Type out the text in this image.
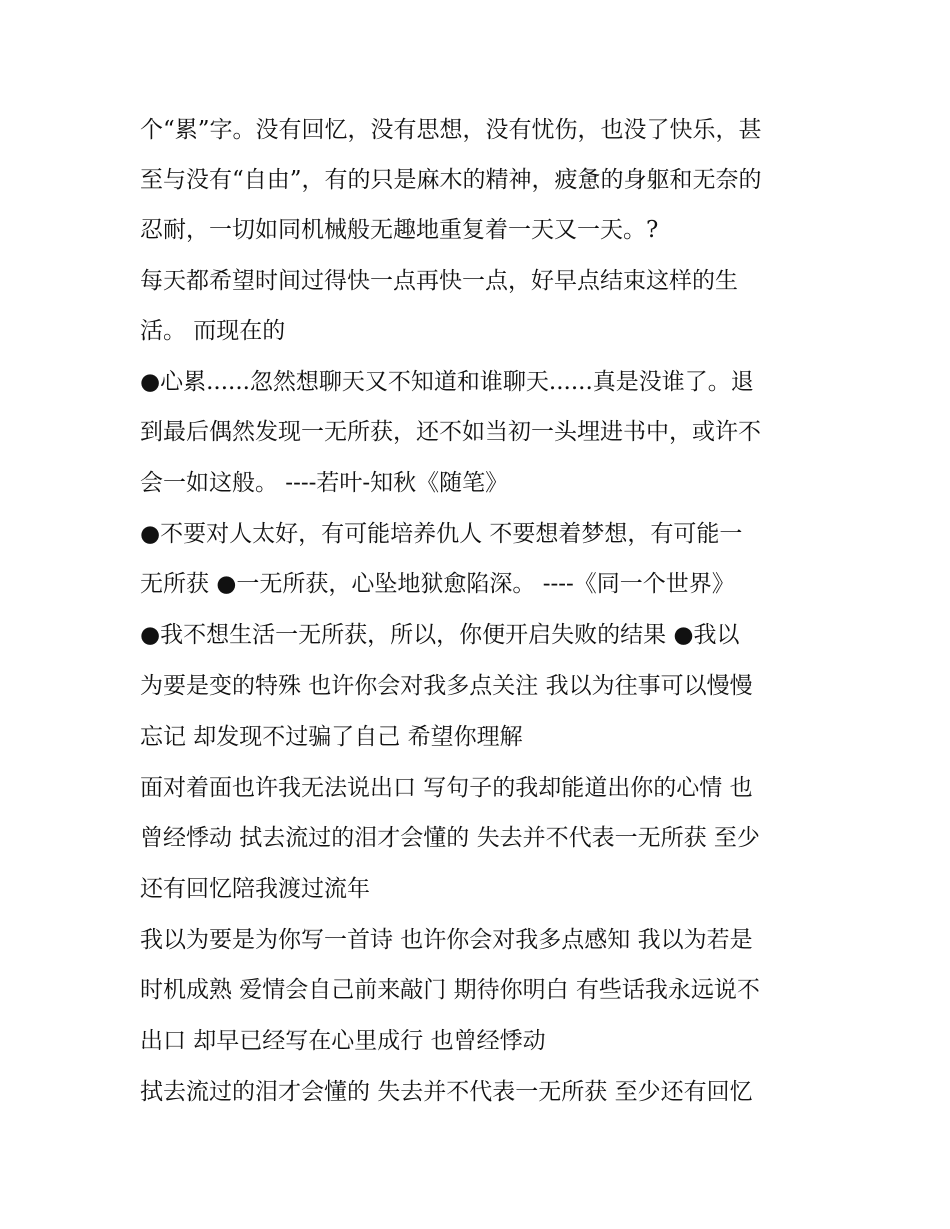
个“累”字。没有回忆，没有思想，没有忧伤，也没了快乐，甚
至与没有“自由”，有的只是麻木的精神，疲惫的身躯和无奈的
忍耐，一切如同机械般无趣地重复着一天又一天。?
每天都希望时间过得快一点再快一点，好早点结束这样的生
活。 而现在的
●心累......忽然想聊天又不知道和谁聊天......真是没谁了。退
到最后偶然发现一无所获，还不如当初一头埋进书中，或许不
会一如这般。 ----若叶-知秋《随笔》
●不要对人太好，有可能培养仇人 不要想着梦想，有可能一
无所获 ●一无所获，心坠地狱愈陷深。 ----《同一个世界》
●我不想生活一无所获，所以，你便开启失败的结果 ●我以
为要是变的特殊 也许你会对我多点关注 我以为往事可以慢慢
忘记 却发现不过骗了自己 希望你理解
面对着面也许我无法说出口 写句子的我却能道出你的心情 也
曾经悸动 拭去流过的泪才会懂的 失去并不代表一无所获 至少
还有回忆陪我渡过流年
我以为要是为你写一首诗 也许你会对我多点感知 我以为若是
时机成熟 爱情会自己前来敲门 期待你明白 有些话我永远说不
出口 却早已经写在心里成行 也曾经悸动
拭去流过的泪才会懂的 失去并不代表一无所获 至少还有回忆
